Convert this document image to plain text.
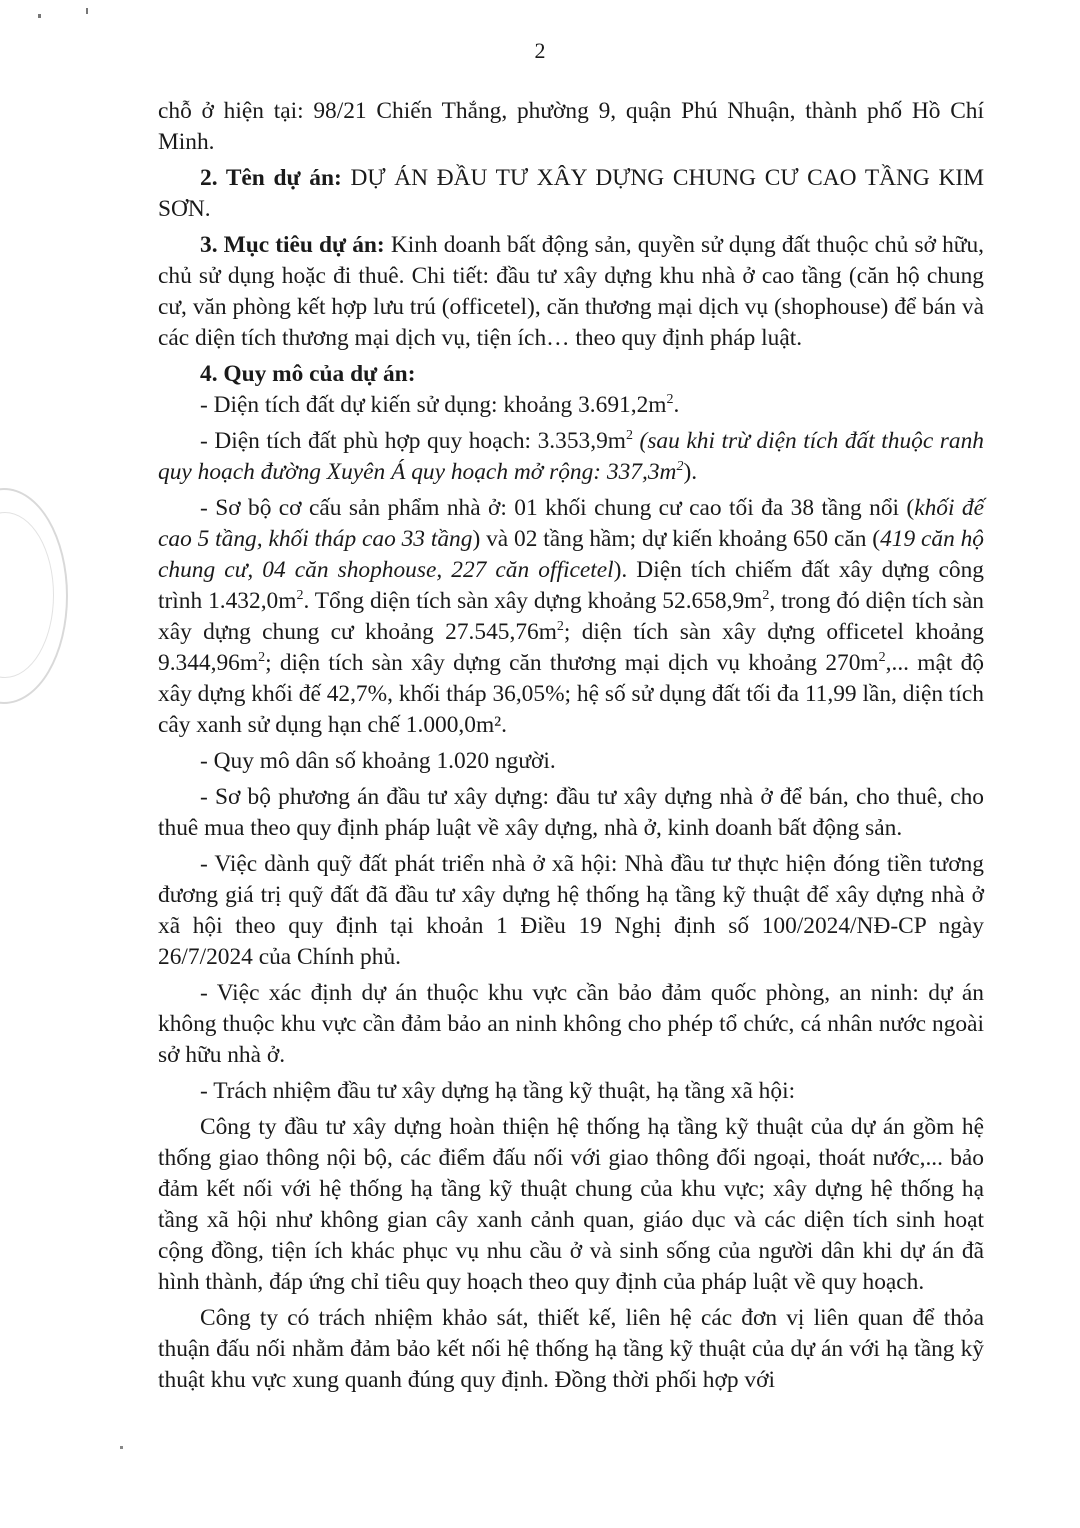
2

chỗ ở hiện tại: 98/21 Chiến Thắng, phường 9, quận Phú Nhuận, thành phố Hồ Chí Minh.

2. Tên dự án: DỰ ÁN ĐẦU TƯ XÂY DỰNG CHUNG CƯ CAO TẦNG KIM SƠN.

3. Mục tiêu dự án: Kinh doanh bất động sản, quyền sử dụng đất thuộc chủ sở hữu, chủ sử dụng hoặc đi thuê. Chi tiết: đầu tư xây dựng khu nhà ở cao tầng (căn hộ chung cư, văn phòng kết hợp lưu trú (officetel), căn thương mại dịch vụ (shophouse) để bán và các diện tích thương mại dịch vụ, tiện ích… theo quy định pháp luật.

4. Quy mô của dự án:

- Diện tích đất dự kiến sử dụng: khoảng $3.691,2m^2$.

- Diện tích đất phù hợp quy hoạch: $3.353,9m^2$ (sau khi trừ diện tích đất thuộc ranh quy hoạch đường Xuyên Á quy hoạch mở rộng: $337,3m^2$).

- Sơ bộ cơ cấu sản phẩm nhà ở: 01 khối chung cư cao tối đa 38 tầng nổi (khối đế cao 5 tầng, khối tháp cao 33 tầng) và 02 tầng hầm; dự kiến khoảng 650 căn (419 căn hộ chung cư, 04 căn shophouse, 227 căn officetel). Diện tích chiếm đất xây dựng công trình $1.432,0m^2$. Tổng diện tích sàn xây dựng khoảng $52.658,9m^2$, trong đó diện tích sàn xây dựng chung cư khoảng $27.545,76m^2$; diện tích sàn xây dựng officetel khoảng $9.344,96m^2$; diện tích sàn xây dựng căn thương mại dịch vụ khoảng $270m^2$,... mật độ xây dựng khối đế 42,7%, khối tháp 36,05%; hệ số sử dụng đất tối đa 11,99 lần, diện tích cây xanh sử dụng hạn chế 1.000,0m².

- Quy mô dân số khoảng 1.020 người.

- Sơ bộ phương án đầu tư xây dựng: đầu tư xây dựng nhà ở để bán, cho thuê, cho thuê mua theo quy định pháp luật về xây dựng, nhà ở, kinh doanh bất động sản.

- Việc dành quỹ đất phát triển nhà ở xã hội: Nhà đầu tư thực hiện đóng tiền tương đương giá trị quỹ đất đã đầu tư xây dựng hệ thống hạ tầng kỹ thuật để xây dựng nhà ở xã hội theo quy định tại khoản 1 Điều 19 Nghị định số 100/2024/NĐ-CP ngày 26/7/2024 của Chính phủ.

- Việc xác định dự án thuộc khu vực cần bảo đảm quốc phòng, an ninh: dự án không thuộc khu vực cần đảm bảo an ninh không cho phép tổ chức, cá nhân nước ngoài sở hữu nhà ở.

- Trách nhiệm đầu tư xây dựng hạ tầng kỹ thuật, hạ tầng xã hội:

Công ty đầu tư xây dựng hoàn thiện hệ thống hạ tầng kỹ thuật của dự án gồm hệ thống giao thông nội bộ, các điểm đấu nối với giao thông đối ngoại, thoát nước,... bảo đảm kết nối với hệ thống hạ tầng kỹ thuật chung của khu vực; xây dựng hệ thống hạ tầng xã hội như không gian cây xanh cảnh quan, giáo dục và các diện tích sinh hoạt cộng đồng, tiện ích khác phục vụ nhu cầu ở và sinh sống của người dân khi dự án đã hình thành, đáp ứng chỉ tiêu quy hoạch theo quy định của pháp luật về quy hoạch.

Công ty có trách nhiệm khảo sát, thiết kế, liên hệ các đơn vị liên quan để thỏa thuận đấu nối nhằm đảm bảo kết nối hệ thống hạ tầng kỹ thuật của dự án với hạ tầng kỹ thuật khu vực xung quanh đúng quy định. Đồng thời phối hợp với
